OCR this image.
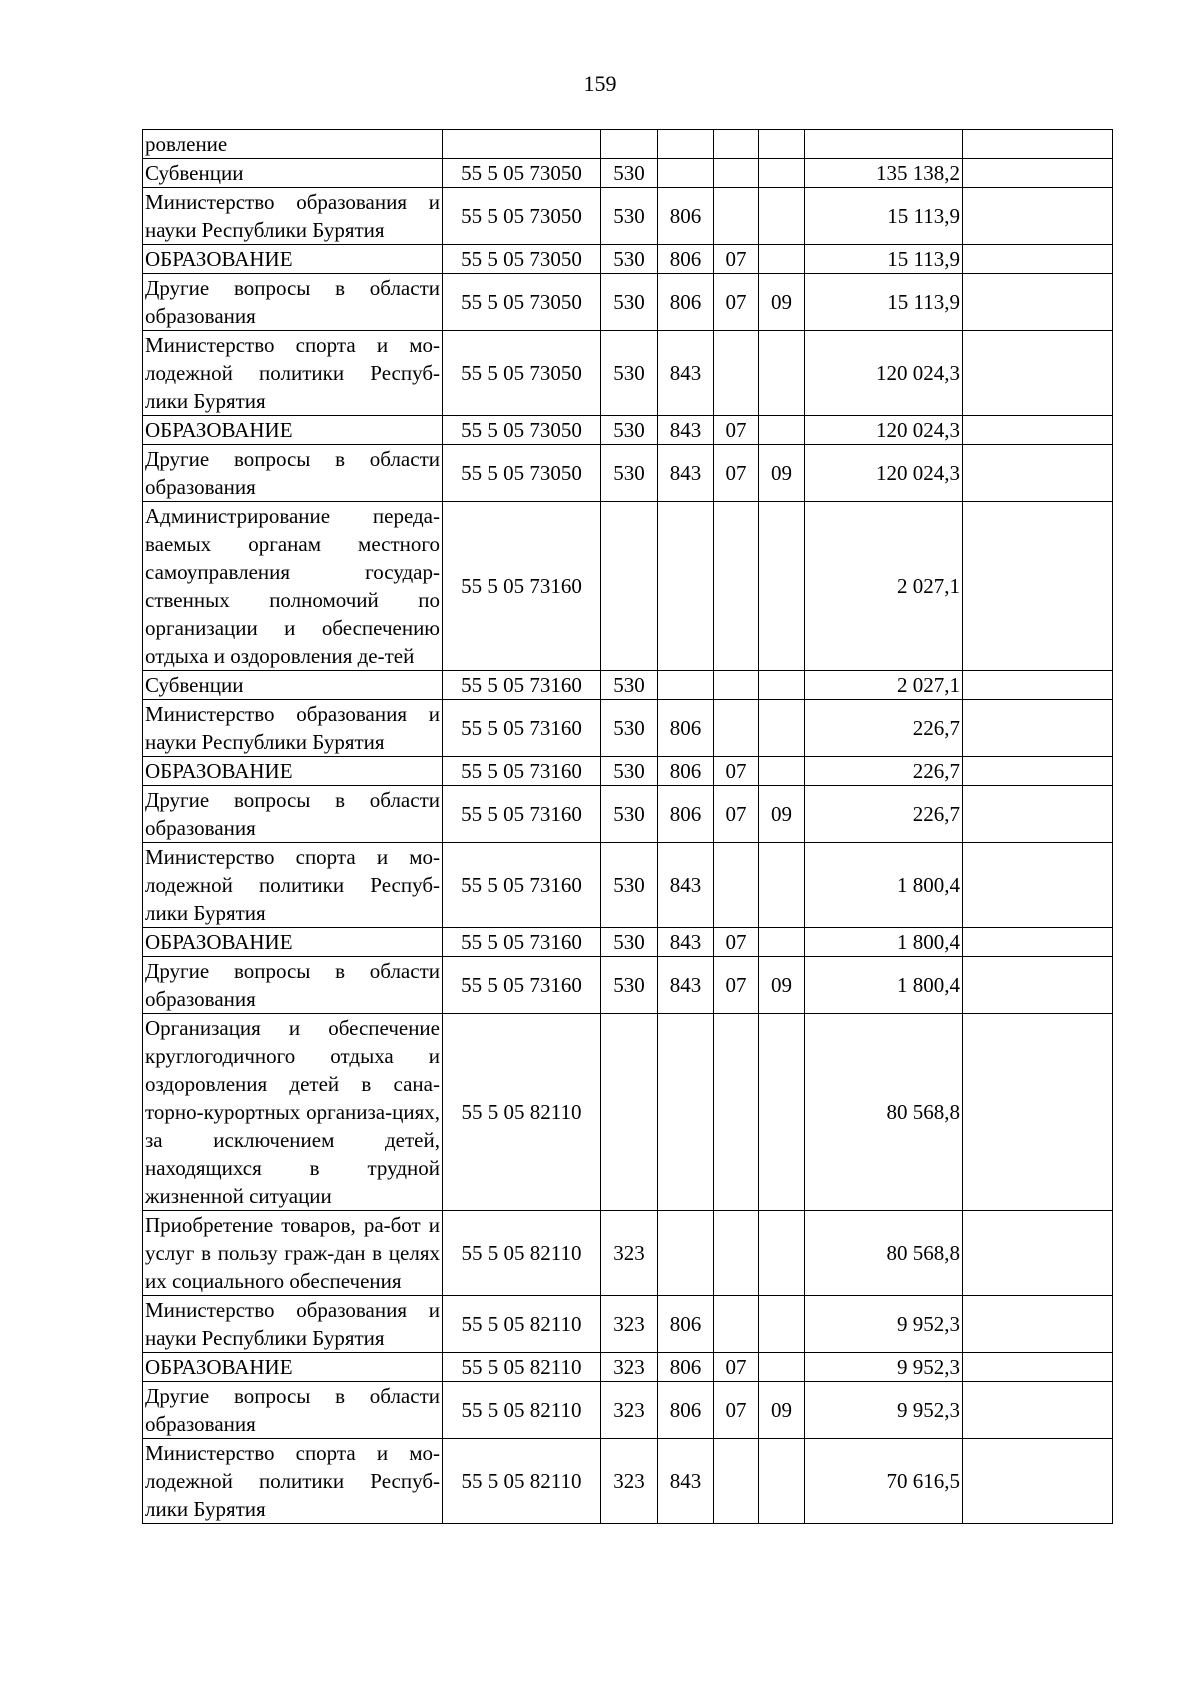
159
ровление							
Субвенции	55 5 05 73050	530				135 138,2	
Министерство образования и науки Республики Бурятия	55 5 05 73050	530	806			15 113,9	
ОБРАЗОВАНИЕ	55 5 05 73050	530	806	07		15 113,9	
Другие вопросы в области образования	55 5 05 73050	530	806	07	09	15 113,9	
Министерство спорта и мо-лодежной политики Респуб-лики Бурятия	55 5 05 73050	530	843			120 024,3	
ОБРАЗОВАНИЕ	55 5 05 73050	530	843	07		120 024,3	
Другие вопросы в области образования	55 5 05 73050	530	843	07	09	120 024,3	
Администрирование переда-ваемых органам местного самоуправления государ-ственных полномочий по организации и обеспечению отдыха и оздоровления де-тей	55 5 05 73160					2 027,1	
Субвенции	55 5 05 73160	530				2 027,1	
Министерство образования и науки Республики Бурятия	55 5 05 73160	530	806			226,7	
ОБРАЗОВАНИЕ	55 5 05 73160	530	806	07		226,7	
Другие вопросы в области образования	55 5 05 73160	530	806	07	09	226,7	
Министерство спорта и мо-лодежной политики Респуб-лики Бурятия	55 5 05 73160	530	843			1 800,4	
ОБРАЗОВАНИЕ	55 5 05 73160	530	843	07		1 800,4	
Другие вопросы в области образования	55 5 05 73160	530	843	07	09	1 800,4	
Организация и обеспечение круглогодичного отдыха и оздоровления детей в сана-торно-курортных организа-циях, за исключением детей, находящихся в трудной жизненной ситуации	55 5 05 82110					80 568,8	
Приобретение товаров, ра-бот и услуг в пользу граж-дан в целях их социального обеспечения	55 5 05 82110	323				80 568,8	
Министерство образования и науки Республики Бурятия	55 5 05 82110	323	806			9 952,3	
ОБРАЗОВАНИЕ	55 5 05 82110	323	806	07		9 952,3	
Другие вопросы в области образования	55 5 05 82110	323	806	07	09	9 952,3	
Министерство спорта и мо-лодежной политики Респуб-лики Бурятия	55 5 05 82110	323	843			70 616,5	
